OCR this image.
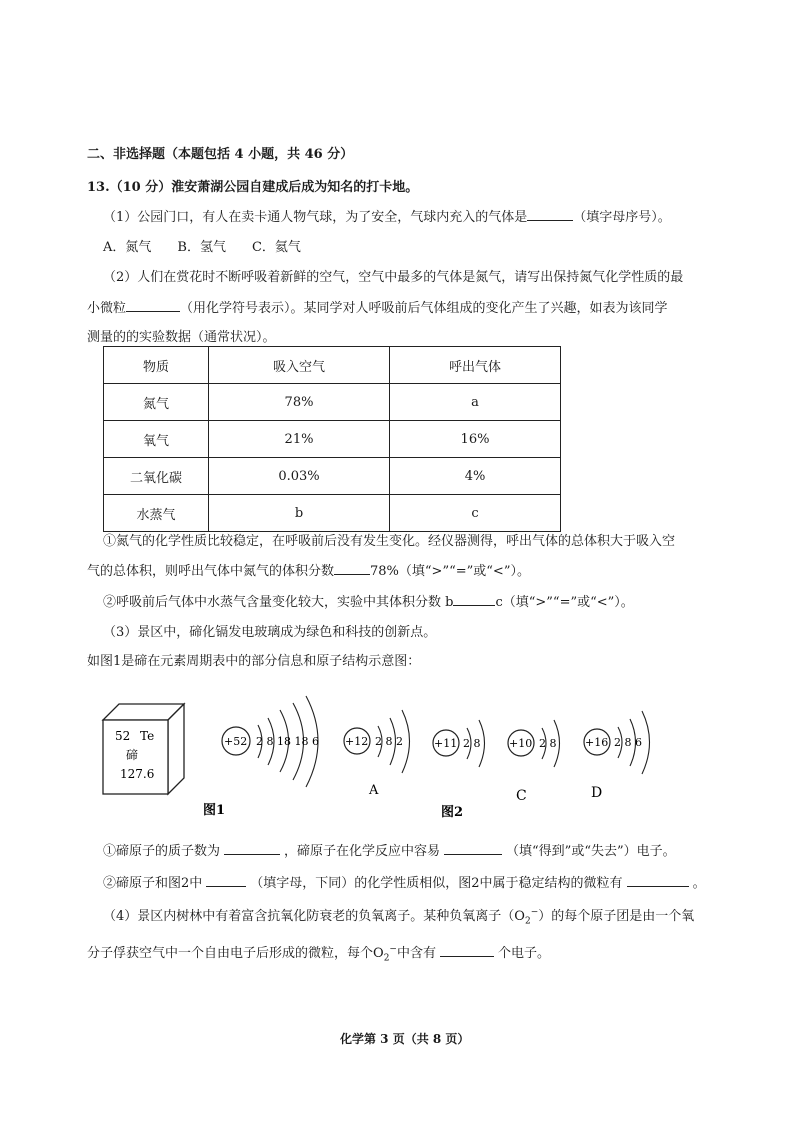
二、非选择题（本题包括 4 小题，共 46 分）
13.（10 分）淮安萧湖公园自建成后成为知名的打卡地。
（1）公园门口，有人在卖卡通人物气球，为了安全，气球内充入的气体是	（填字母序号）。
A．氮气　　B．氢气　　C．氦气
（2）人们在赏花时不断呼吸着新鲜的空气，空气中最多的气体是氮气，请写出保持氮气化学性质的最
小微粒	（用化学符号表示）。某同学对人呼吸前后气体组成的变化产生了兴趣，如表为该同学
测量的的实验数据（通常状况）。
物质	吸入空气	呼出气体
氮气	78%	a
氧气	21%	16%
二氧化碳	0.03%	4%
水蒸气	b	c
①氮气的化学性质比较稳定，在呼吸前后没有发生变化。经仪器测得，呼出气体的总体积大于吸入空
气的总体积，则呼出气体中氮气的体积分数	78%（填“>”“=”或“<”）。
②呼吸前后气体中水蒸气含量变化较大，实验中其体积分数 b	c（填“>”“=”或“<”）。
（3）景区中，碲化镉发电玻璃成为绿色和科技的创新点。
如图1是碲在元素周期表中的部分信息和原子结构示意图：
52 Te
碲
127.6
图1
+52 2 8 18 18 6 +12 2 8 2
A
+11 2 8
图2
+10 2 8
C
+16 2 8 6
D
①碲原子的质子数为	，碲原子在化学反应中容易	（填“得到”或“失去”）电子。
②碲原子和图2中	（填字母，下同）的化学性质相似，图2中属于稳定结构的微粒有	。
（4）景区内树林中有着富含抗氧化防衰老的负氧离子。某种负氧离子$(O_2^-)$的每个原子团是由一个氧
分子俘获空气中一个自由电子后形成的微粒，每个$O_2^-$中含有	个电子。
化学第 3 页（共 8 页）
